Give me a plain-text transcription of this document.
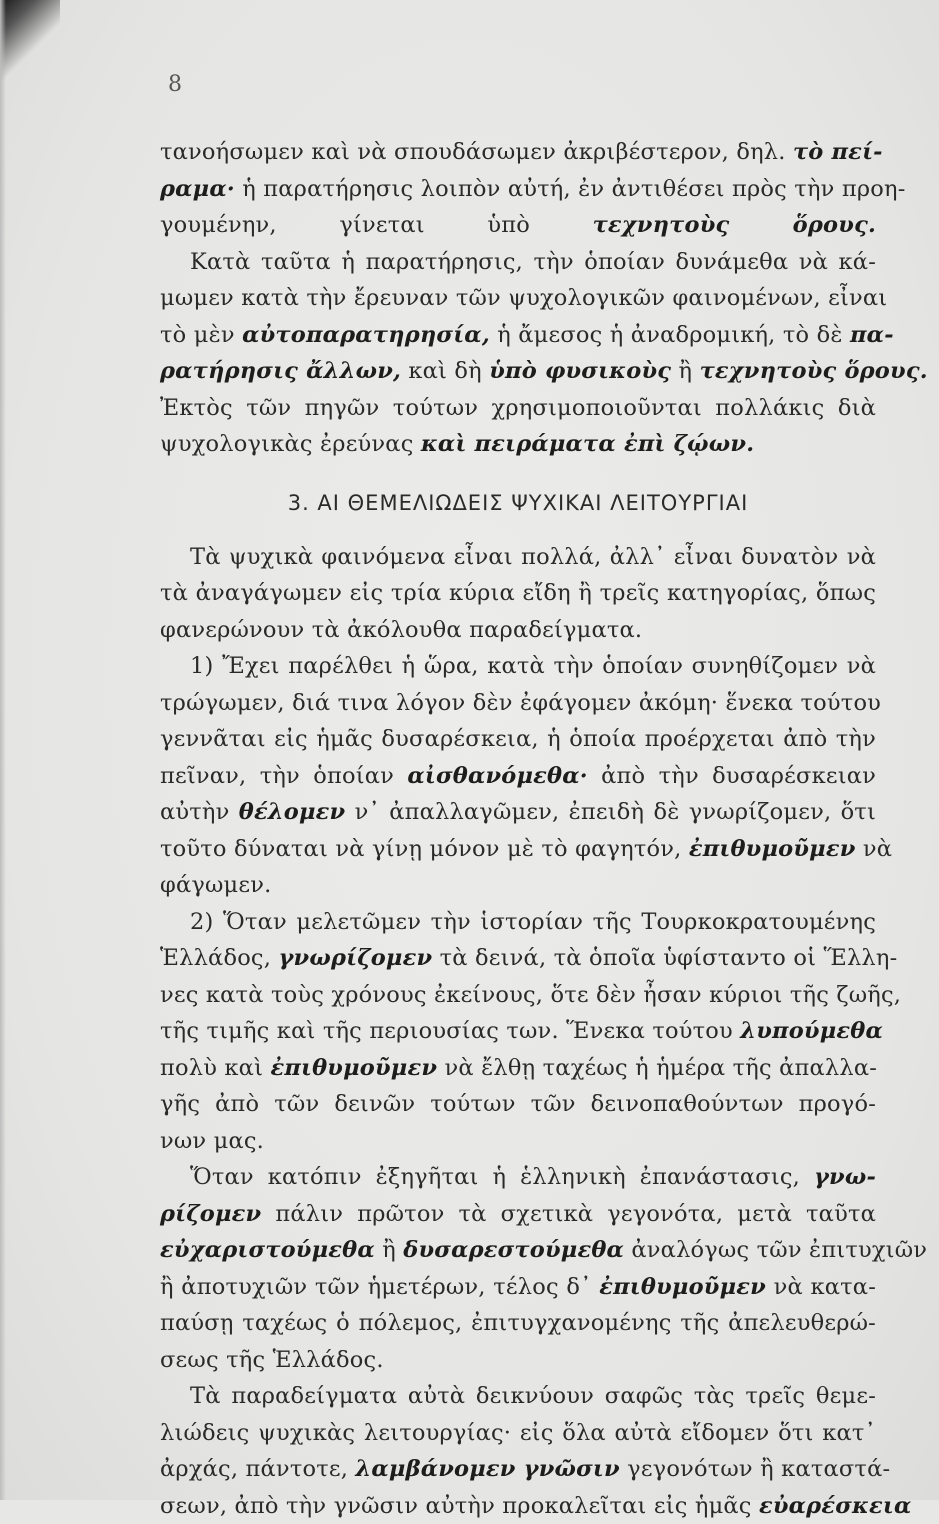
8
τανοήσωμεν καὶ νὰ σπουδάσωμεν ἀκριβέστερον, δηλ. τὸ πεί-
ραμα· ἡ παρατήρησις λοιπὸν αὐτή, ἐν ἀντιθέσει πρὸς τὴν προη-
γουμένην, γίνεται ὑπὸ τεχνητοὺς ὅρους.
Κατὰ ταῦτα ἡ παρατήρησις, τὴν ὁποίαν δυνάμεθα νὰ κά-
μωμεν κατὰ τὴν ἔρευναν τῶν ψυχολογικῶν φαινομένων, εἶναι
τὸ μὲν αὐτοπαρατηρησία, ἡ ἄμεσος ἡ ἀναδρομική, τὸ δὲ πα-
ρατήρησις ἄλλων, καὶ δὴ ὑπὸ φυσικοὺς ἢ τεχνητοὺς ὅρους.
Ἐκτὸς τῶν πηγῶν τούτων χρησιμοποιοῦνται πολλάκις διὰ
ψυχολογικὰς ἐρεύνας καὶ πειράματα ἐπὶ ζῴων.
3. ΑΙ ΘΕΜΕΛΙΩΔΕΙΣ ΨΥΧΙΚΑΙ ΛΕΙΤΟΥΡΓΙΑΙ
Τὰ ψυχικὰ φαινόμενα εἶναι πολλά, ἀλλ᾽ εἶναι δυνατὸν νὰ
τὰ ἀναγάγωμεν εἰς τρία κύρια εἴδη ἢ τρεῖς κατηγορίας, ὅπως
φανερώνουν τὰ ἀκόλουθα παραδείγματα.
1) Ἔχει παρέλθει ἡ ὥρα, κατὰ τὴν ὁποίαν συνηθίζομεν νὰ
τρώγωμεν, διά τινα λόγον δὲν ἐφάγομεν ἀκόμη· ἕνεκα τούτου
γεννᾶται εἰς ἡμᾶς δυσαρέσκεια, ἡ ὁποία προέρχεται ἀπὸ τὴν
πεῖναν, τὴν ὁποίαν αἰσθανόμεθα· ἀπὸ τὴν δυσαρέσκειαν
αὐτὴν θέλομεν ν᾽ ἀπαλλαγῶμεν, ἐπειδὴ δὲ γνωρίζομεν, ὅτι
τοῦτο δύναται νὰ γίνῃ μόνον μὲ τὸ φαγητόν, ἐπιθυμοῦμεν νὰ
φάγωμεν.
2) Ὅταν μελετῶμεν τὴν ἱστορίαν τῆς Τουρκοκρατουμένης
Ἑλλάδος, γνωρίζομεν τὰ δεινά, τὰ ὁποῖα ὑφίσταντο οἱ Ἕλλη-
νες κατὰ τοὺς χρόνους ἐκείνους, ὅτε δὲν ἦσαν κύριοι τῆς ζωῆς,
τῆς τιμῆς καὶ τῆς περιουσίας των. Ἕνεκα τούτου λυπούμεθα
πολὺ καὶ ἐπιθυμοῦμεν νὰ ἔλθῃ ταχέως ἡ ἡμέρα τῆς ἀπαλλα-
γῆς ἀπὸ τῶν δεινῶν τούτων τῶν δεινοπαθούντων προγό-
νων μας.
Ὅταν κατόπιν ἐξηγῆται ἡ ἑλληνικὴ ἐπανάστασις, γνω-
ρίζομεν πάλιν πρῶτον τὰ σχετικὰ γεγονότα, μετὰ ταῦτα
εὐχαριστούμεθα ἢ δυσαρεστούμεθα ἀναλόγως τῶν ἐπιτυχιῶν
ἢ ἀποτυχιῶν τῶν ἡμετέρων, τέλος δ᾽ ἐπιθυμοῦμεν νὰ κατα-
παύσῃ ταχέως ὁ πόλεμος, ἐπιτυγχανομένης τῆς ἀπελευθερώ-
σεως τῆς Ἑλλάδος.
Τὰ παραδείγματα αὐτὰ δεικνύουν σαφῶς τὰς τρεῖς θεμε-
λιώδεις ψυχικὰς λειτουργίας· εἰς ὅλα αὐτὰ εἴδομεν ὅτι κατ᾽
ἀρχάς, πάντοτε, λαμβάνομεν γνῶσιν γεγονότων ἢ καταστά-
σεων, ἀπὸ τὴν γνῶσιν αὐτὴν προκαλεῖται εἰς ἡμᾶς εὐαρέσκεια
